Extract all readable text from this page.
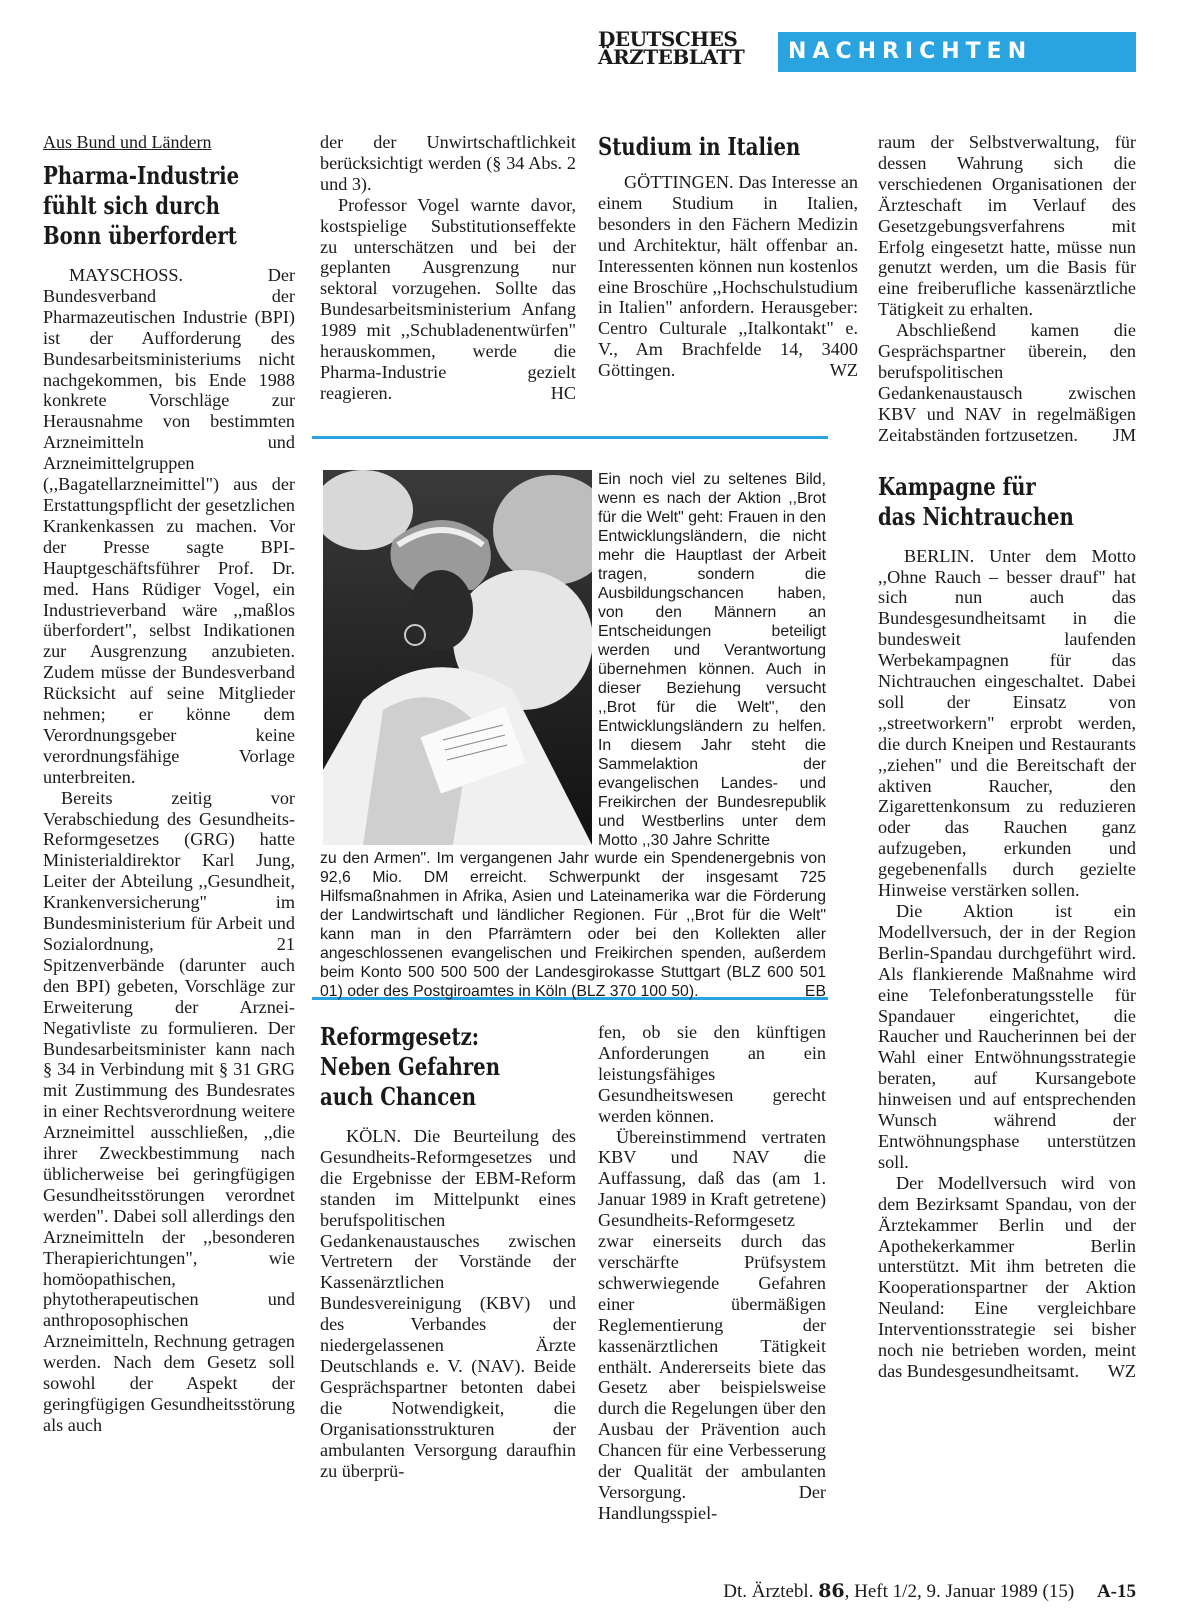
DEUTSCHES
ÄRZTEBLATT	NACHRICHTEN
Aus Bund und Ländern
Pharma-Industrie
fühlt sich durch
Bonn überfordert

MAYSCHOSS. Der Bundesverband der Pharmazeutischen Industrie (BPI) ist der Aufforderung des Bundesarbeitsministeriums nicht nachgekommen, bis Ende 1988 konkrete Vorschläge zur Herausnahme von bestimmten Arzneimitteln und Arzneimittelgruppen (,,Bagatellarzneimittel") aus der Erstattungspflicht der gesetzlichen Krankenkassen zu machen. Vor der Presse sagte BPI-Hauptgeschäftsführer Prof. Dr. med. Hans Rüdiger Vogel, ein Industrieverband wäre ,,maßlos überfordert", selbst Indikationen zur Ausgrenzung anzubieten. Zudem müsse der Bundesverband Rücksicht auf seine Mitglieder nehmen; er könne dem Verordnungsgeber keine verordnungsfähige Vorlage unterbreiten.

Bereits zeitig vor Verabschiedung des Gesundheits-Reformgesetzes (GRG) hatte Ministerialdirektor Karl Jung, Leiter der Abteilung ,,Gesundheit, Krankenversicherung" im Bundesministerium für Arbeit und Sozialordnung, 21 Spitzenverbände (darunter auch den BPI) gebeten, Vorschläge zur Erweiterung der Arznei-Negativliste zu formulieren. Der Bundesarbeitsminister kann nach § 34 in Verbindung mit § 31 GRG mit Zustimmung des Bundesrates in einer Rechtsverordnung weitere Arzneimittel ausschließen, ,,die ihrer Zweckbestimmung nach üblicherweise bei geringfügigen Gesundheitsstörungen verordnet werden". Dabei soll allerdings den Arzneimitteln der ,,besonderen Therapierichtungen", wie homöopathischen, phytotherapeutischen und anthroposophischen Arzneimitteln, Rechnung getragen werden. Nach dem Gesetz soll sowohl der Aspekt der geringfügigen Gesundheitsstörung als auch

der der Unwirtschaftlichkeit berücksichtigt werden (§ 34 Abs. 2 und 3).

Professor Vogel warnte davor, kostspielige Substitutionseffekte zu unterschätzen und bei der geplanten Ausgrenzung nur sektoral vorzugehen. Sollte das Bundesarbeitsministerium Anfang 1989 mit ,,Schubladenentwürfen" herauskommen, werde die Pharma-Industrie gezielt reagieren.	HC

Studium in Italien

GÖTTINGEN. Das Interesse an einem Studium in Italien, besonders in den Fächern Medizin und Architektur, hält offenbar an. Interessenten können nun kostenlos eine Broschüre ,,Hochschulstudium in Italien" anfordern. Herausgeber: Centro Culturale ,,Italkontakt" e. V., Am Brachfelde 14, 3400 Göttingen.	WZ

raum der Selbstverwaltung, für dessen Wahrung sich die verschiedenen Organisationen der Ärzteschaft im Verlauf des Gesetzgebungsverfahrens mit Erfolg eingesetzt hatte, müsse nun genutzt werden, um die Basis für eine freiberufliche kassenärztliche Tätigkeit zu erhalten.

Abschließend kamen die Gesprächspartner überein, den berufspolitischen Gedankenaustausch zwischen KBV und NAV in regelmäßigen Zeitabständen fortzusetzen.	JM

Kampagne für
das Nichtrauchen

BERLIN. Unter dem Motto ,,Ohne Rauch – besser drauf" hat sich nun auch das Bundesgesundheitsamt in die bundesweit laufenden Werbekampagnen für das Nichtrauchen eingeschaltet. Dabei soll der Einsatz von ,,streetworkern" erprobt werden, die durch Kneipen und Restaurants ,,ziehen" und die Bereitschaft der aktiven Raucher, den Zigarettenkonsum zu reduzieren oder das Rauchen ganz aufzugeben, erkunden und gegebenenfalls durch gezielte Hinweise verstärken sollen.

Die Aktion ist ein Modellversuch, der in der Region Berlin-Spandau durchgeführt wird. Als flankierende Maßnahme wird eine Telefonberatungsstelle für Spandauer eingerichtet, die Raucher und Raucherinnen bei der Wahl einer Entwöhnungsstrategie beraten, auf Kursangebote hinweisen und auf entsprechenden Wunsch während der Entwöhnungsphase unterstützen soll.

Der Modellversuch wird von dem Bezirksamt Spandau, von der Ärztekammer Berlin und der Apothekerkammer Berlin unterstützt. Mit ihm betreten die Kooperationspartner der Aktion Neuland: Eine vergleichbare Interventionsstrategie sei bisher noch nie betrieben worden, meint das Bundesgesundheitsamt.	WZ

Ein noch viel zu seltenes Bild, wenn es nach der Aktion ,,Brot für die Welt" geht: Frauen in den Entwicklungsländern, die nicht mehr die Hauptlast der Arbeit tragen, sondern die Ausbildungschancen haben, von den Männern an Entscheidungen beteiligt werden und Verantwortung übernehmen können. Auch in dieser Beziehung versucht ,,Brot für die Welt", den Entwicklungsländern zu helfen. In diesem Jahr steht die Sammelaktion der evangelischen Landes- und Freikirchen der Bundesrepublik und Westberlins unter dem Motto ,,30 Jahre Schritte
zu den Armen". Im vergangenen Jahr wurde ein Spendenergebnis von 92,6 Mio. DM erreicht. Schwerpunkt der insgesamt 725 Hilfsmaßnahmen in Afrika, Asien und Lateinamerika war die Förderung der Landwirtschaft und ländlicher Regionen. Für ,,Brot für die Welt" kann man in den Pfarrämtern oder bei den Kollekten aller angeschlossenen evangelischen und Freikirchen spenden, außerdem beim Konto 500 500 500 der Landesgirokasse Stuttgart (BLZ 600 501 01) oder des Postgiroamtes in Köln (BLZ 370 100 50).	EB
Reformgesetz:
Neben Gefahren
auch Chancen

KÖLN. Die Beurteilung des Gesundheits-Reformgesetzes und die Ergebnisse der EBM-Reform standen im Mittelpunkt eines berufspolitischen Gedankenaustausches zwischen Vertretern der Vorstände der Kassenärztlichen Bundesvereinigung (KBV) und des Verbandes der niedergelassenen Ärzte Deutschlands e. V. (NAV). Beide Gesprächspartner betonten dabei die Notwendigkeit, die Organisationsstrukturen der ambulanten Versorgung daraufhin zu überprü-

fen, ob sie den künftigen Anforderungen an ein leistungsfähiges Gesundheitswesen gerecht werden können.

Übereinstimmend vertraten KBV und NAV die Auffassung, daß das (am 1. Januar 1989 in Kraft getretene) Gesundheits-Reformgesetz zwar einerseits durch das verschärfte Prüfsystem schwerwiegende Gefahren einer übermäßigen Reglementierung der kassenärztlichen Tätigkeit enthält. Andererseits biete das Gesetz aber beispielsweise durch die Regelungen über den Ausbau der Prävention auch Chancen für eine Verbesserung der Qualität der ambulanten Versorgung. Der Handlungsspiel-

Dt. Ärztebl. 86, Heft 1/2, 9. Januar 1989 (15) A-15
